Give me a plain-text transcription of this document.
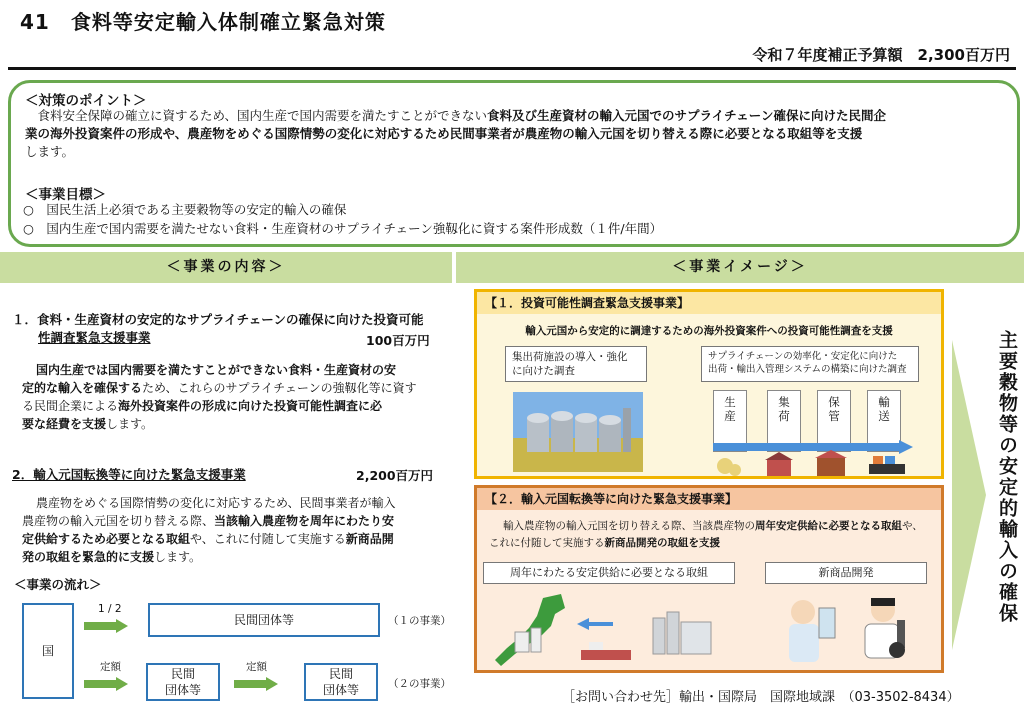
41　食料等安定輸入体制確立緊急対策
令和７年度補正予算額　2,300百万円
＜対策のポイント＞
　食料安全保障の確立に資するため、国内生産で国内需要を満たすことができない食料及び生産資材の輸入元国でのサプライチェーン確保に向けた民間企
業の海外投資案件の形成や、農産物をめぐる国際情勢の変化に対応するため民間事業者が農産物の輸入元国を切り替える際に必要となる取組等を支援
します。
＜事業目標＞
○　国民生活上必須である主要穀物等の安定的輸入の確保
○　国内生産で国内需要を満たせない食料・生産資材のサプライチェーン強靱化に資する案件形成数（１件/年間）
＜事業の内容＞	＜事業イメージ＞
１．食料・生産資材の安定的なサプライチェーンの確保に向けた投資可能
性調査緊急支援事業	100百万円
国内生産では国内需要を満たすことができない食料・生産資材の安
定的な輸入を確保するため、これらのサプライチェーンの強靱化等に資す
る民間企業による海外投資案件の形成に向けた投資可能性調査に必
要な経費を支援します。
2．輸入元国転換等に向けた緊急支援事業	2,200百万円
農産物をめぐる国際情勢の変化に対応するため、民間事業者が輸入
農産物の輸入元国を切り替える際、当該輸入農産物を周年にわたり安
定供給するため必要となる取組や、これに付随して実施する新商品開
発の取組を緊急的に支援します。
＜事業の流れ＞
国
1 / 2
民間団体等	（１の事業）
定額	民間
団体等
定額	民間
団体等	（２の事業）
【１．投資可能性調査緊急支援事業】
輸入元国から安定的に調達するための海外投資案件への投資可能性調査を支援
集出荷施設の導入・強化
に向けた調査
サプライチェーンの効率化・安定化に向けた
出荷・輸出入管理システムの構築に向けた調査
生
産
集
荷
保
管
輸
送
【２．輸入元国転換等に向けた緊急支援事業】
輸入農産物の輸入元国を切り替える際、当該農産物の周年安定供給に必要となる取組や、
これに付随して実施する新商品開発の取組を支援
周年にわたる安定供給に必要となる取組	新商品開発	主要穀物等の安定的輸入の確保
［お問い合わせ先］輸出・国際局　国際地域課　（03-3502-8434）
